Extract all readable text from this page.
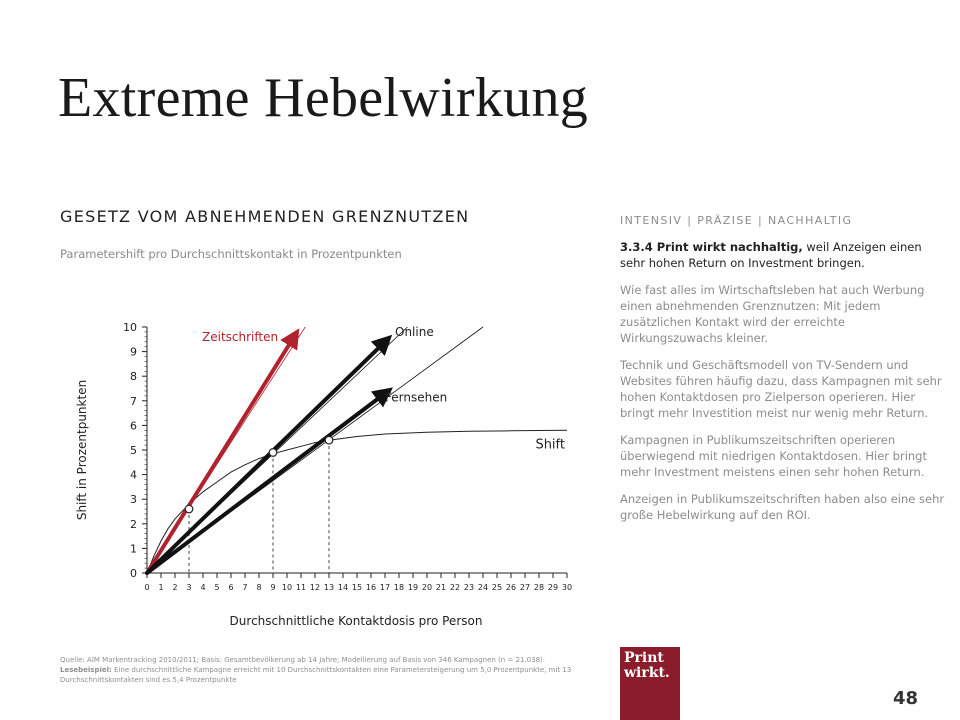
Extreme Hebelwirkung
GESETZ VOM ABNEHMENDEN GRENZNUTZEN

Parametershift pro Durchschnittskontakt in Prozentpunkten

0
1
2
3
4
5
6
7
8
9
10
0 1 2 3 4 5 6 7 8 9 10 11 12 13 14 15 16 17 18 19 20 21 22 23 24 25 26 27 28 29 30
Shift
Zeitschriften	Online
Fernsehen
Shift in Prozentpunkten
Durchschnittliche Kontaktdosis pro Person
Quelle: AIM Markentracking 2010/2011; Basis: Gesamtbevölkerung ab 14 Jahre; Modellierung auf Basis von 346 Kampagnen (n = 21.038). Lesebeispiel: Eine durchschnittliche Kampagne erreicht mit 10 Durchschnittskontakten eine Parametersteigerung um 5,0 Prozentpunkte, mit 13 Durchschnittskontakten sind es 5,4 Prozentpunkte

INTENSIV | PRÄZISE | NACHHALTIG

3.3.4 Print wirkt nachhaltig, weil Anzeigen einen sehr hohen Return on Investment bringen.

Wie fast alles im Wirtschaftsleben hat auch Werbung einen abnehmenden Grenznutzen: Mit jedem zusätzlichen Kontakt wird der erreichte Wirkungszuwachs kleiner.

Technik und Geschäftsmodell von TV-Sendern und Websites führen häufig dazu, dass Kampagnen mit sehr hohen Kontaktdosen pro Zielperson operieren. Hier bringt mehr Investition meist nur wenig mehr Return.

Kampagnen in Publikumszeitschriften operieren überwiegend mit niedrigen Kontaktdosen. Hier bringt mehr Investment meistens einen sehr hohen Return.

Anzeigen in Publikumszeitschriften haben also eine sehr große Hebelwirkung auf den ROI.

Print
wirkt.

48
